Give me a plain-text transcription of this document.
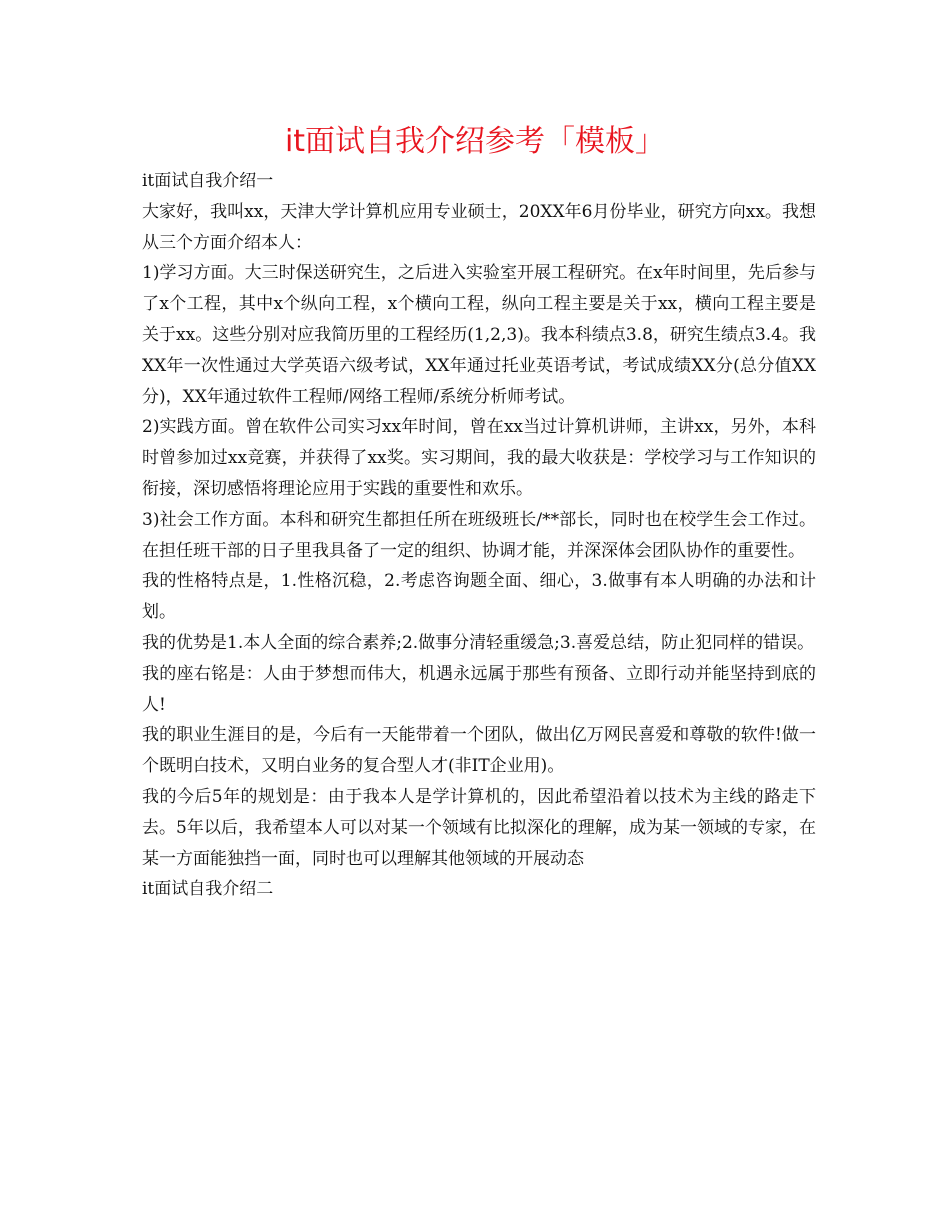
it面试自我介绍参考「模板」

it面试自我介绍一

大家好，我叫xx，天津大学计算机应用专业硕士，20XX年6月份毕业，研究方向xx。我想从三个方面介绍本人：

1)学习方面。大三时保送研究生，之后进入实验室开展工程研究。在x年时间里，先后参与了x个工程，其中x个纵向工程，x个横向工程，纵向工程主要是关于xx，横向工程主要是关于xx。这些分别对应我简历里的工程经历(1,2,3)。我本科绩点3.8，研究生绩点3.4。我XX年一次性通过大学英语六级考试，XX年通过托业英语考试，考试成绩XX分(总分值XX分)，XX年通过软件工程师/网络工程师/系统分析师考试。

2)实践方面。曾在软件公司实习xx年时间，曾在xx当过计算机讲师，主讲xx，另外，本科时曾参加过xx竞赛，并获得了xx奖。实习期间，我的最大收获是：学校学习与工作知识的衔接，深切感悟将理论应用于实践的重要性和欢乐。

3)社会工作方面。本科和研究生都担任所在班级班长/**部长，同时也在校学生会工作过。在担任班干部的日子里我具备了一定的组织、协调才能，并深深体会团队协作的重要性。

我的性格特点是，1.性格沉稳，2.考虑咨询题全面、细心，3.做事有本人明确的办法和计划。

我的优势是1.本人全面的综合素养;2.做事分清轻重缓急;3.喜爱总结，防止犯同样的错误。

我的座右铭是：人由于梦想而伟大，机遇永远属于那些有预备、立即行动并能坚持到底的人!

我的职业生涯目的是，今后有一天能带着一个团队，做出亿万网民喜爱和尊敬的软件!做一个既明白技术，又明白业务的复合型人才(非IT企业用)。

我的今后5年的规划是：由于我本人是学计算机的，因此希望沿着以技术为主线的路走下去。5年以后，我希望本人可以对某一个领域有比拟深化的理解，成为某一领域的专家，在某一方面能独挡一面，同时也可以理解其他领域的开展动态

it面试自我介绍二
